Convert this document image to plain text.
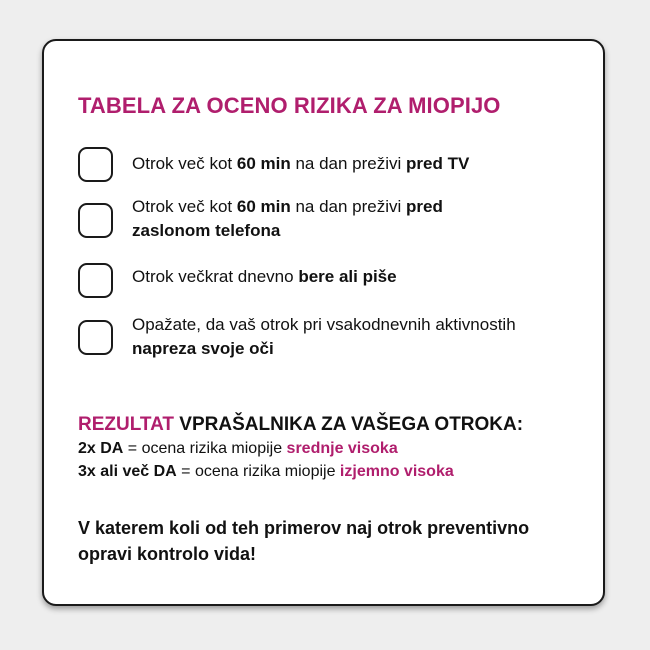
TABELA ZA OCENO RIZIKA ZA MIOPIJO
Otrok več kot 60 min na dan preživi pred TV
Otrok več kot 60 min na dan preživi pred
zaslonom telefona
Otrok večkrat dnevno bere ali piše
Opažate, da vaš otrok pri vsakodnevnih aktivnostih
napreza svoje oči
REZULTAT VPRAŠALNIKA ZA VAŠEGA OTROKA:
2x DA = ocena rizika miopije srednje visoka
3x ali več DA = ocena rizika miopije izjemno visoka
V katerem koli od teh primerov naj otrok preventivno
opravi kontrolo vida!
